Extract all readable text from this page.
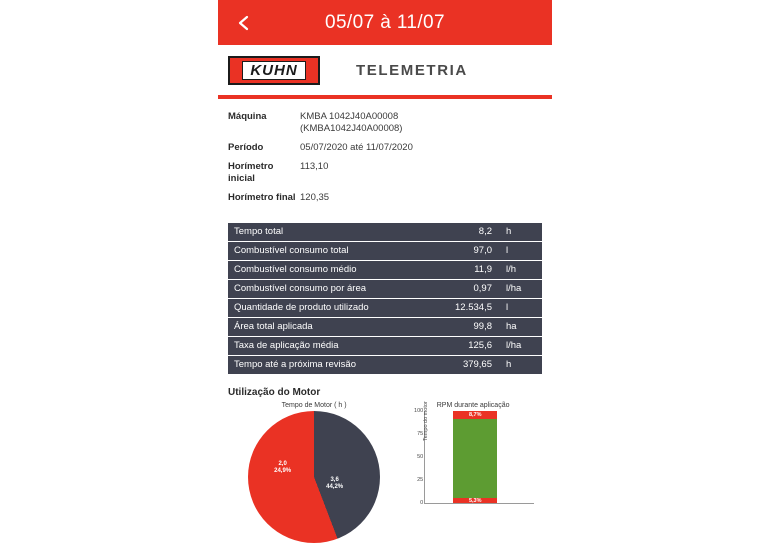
05/07 à 11/07
KUHN	TELEMETRIA
Máquina	KMBA 1042J40A00008
(KMBA1042J40A00008)
Período	05/07/2020 até 11/07/2020
Horímetro inicial
113,10
Horímetro final 120,35
Tempo total	8,2	h
Combustível consumo total	97,0	l
Combustível consumo médio	11,9	l/h
Combustível consumo por área	0,97	l/ha
Quantidade de produto utilizado	12.534,5	l
Área total aplicada	99,8	ha
Taxa de aplicação média	125,6	l/ha
Tempo até a próxima revisão	379,65	h
Utilização do Motor
Tempo de Motor ( h )
2,0
24,9%
3,6
44,2%
RPM durante aplicação
Tempo do motor
100
75
50
25
0
8,7%
5,3%
